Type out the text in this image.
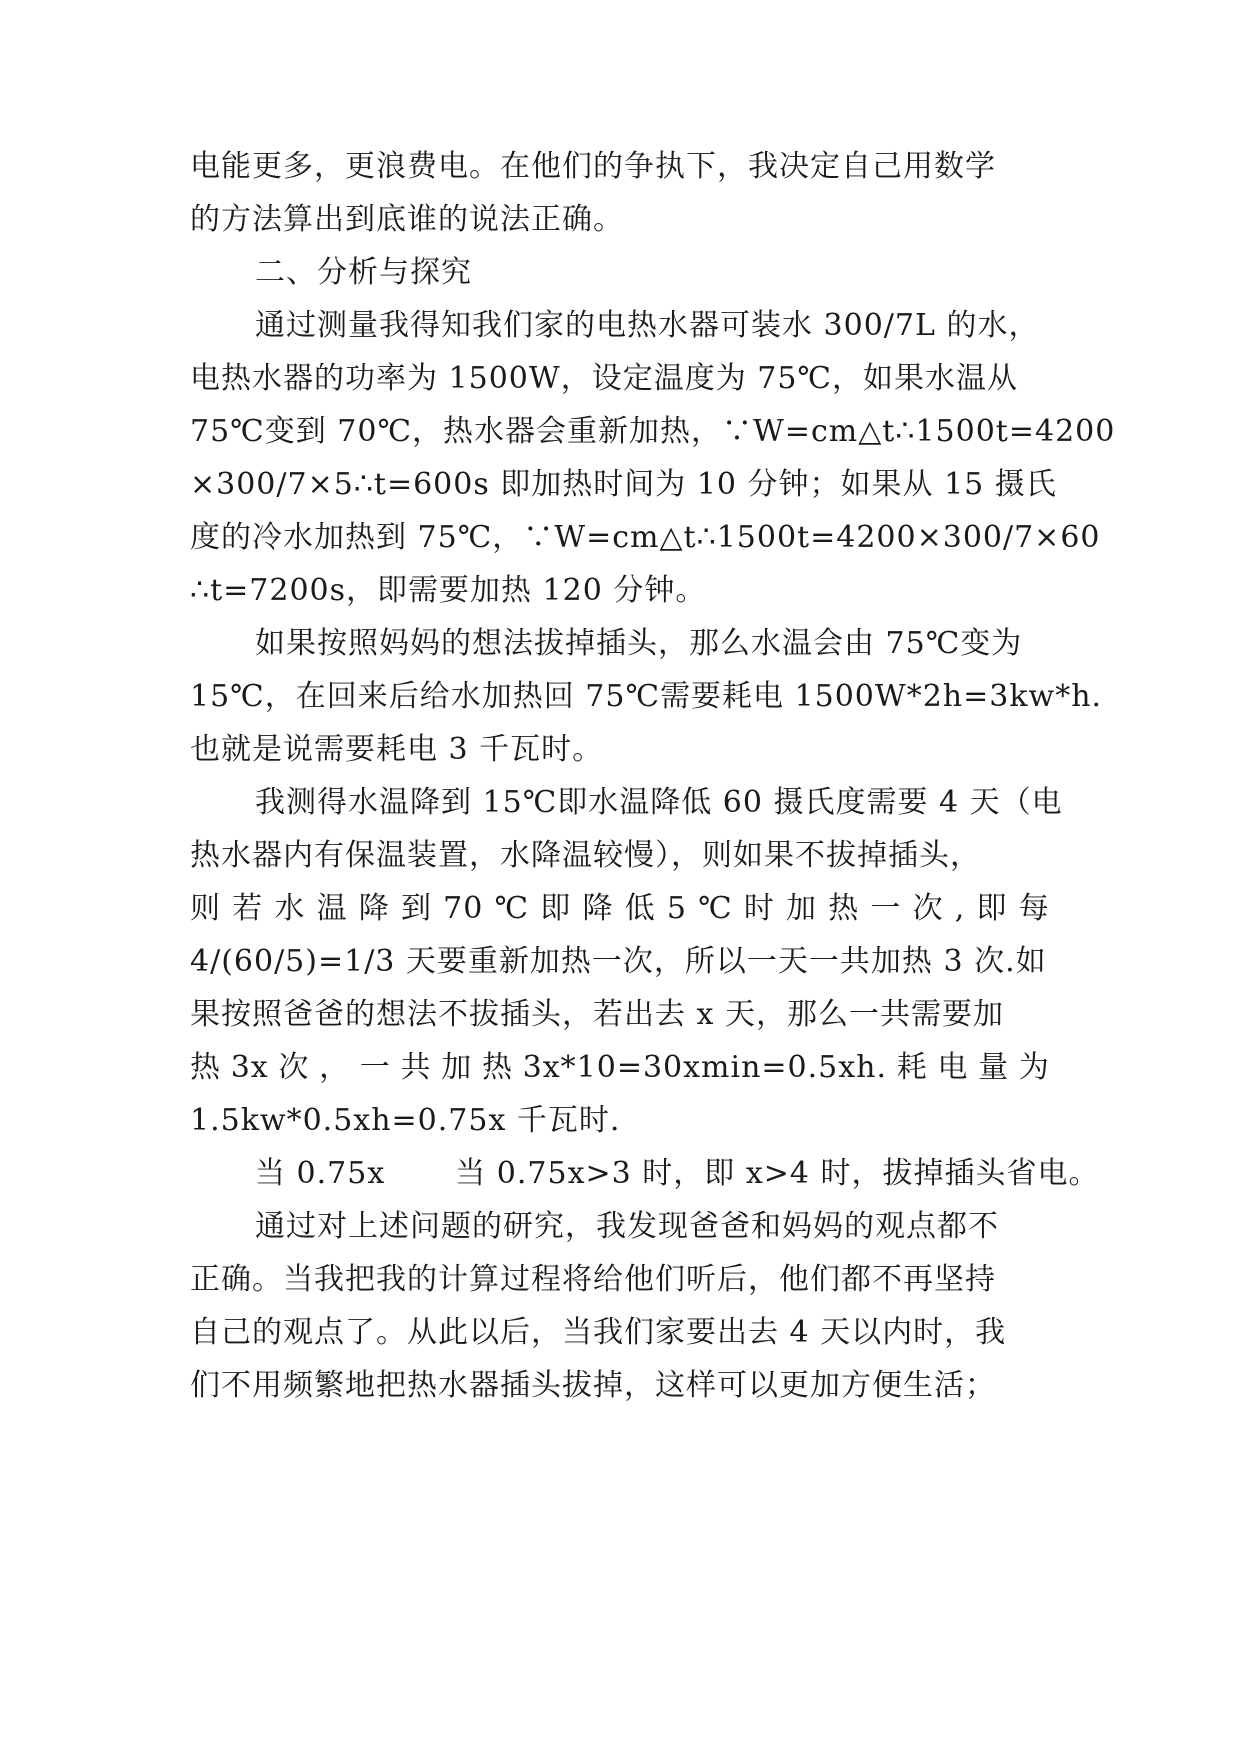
电能更多，更浪费电。在他们的争执下，我决定自己用数学
的方法算出到底谁的说法正确。
二、分析与探究
通过测量我得知我们家的电热水器可装水 300/7L 的水，
电热水器的功率为 1500W，设定温度为 75℃，如果水温从
75℃变到 70℃，热水器会重新加热，∵W=cm△t∴1500t=4200
×300/7×5∴t=600s 即加热时间为 10 分钟；如果从 15 摄氏
度的冷水加热到 75℃，∵W=cm△t∴1500t=4200×300/7×60
∴t=7200s，即需要加热 120 分钟。
如果按照妈妈的想法拔掉插头，那么水温会由 75℃变为
15℃，在回来后给水加热回 75℃需要耗电 1500W*2h=3kw*h.
也就是说需要耗电 3 千瓦时。
我测得水温降到 15℃即水温降低 60 摄氏度需要 4 天（电
热水器内有保温装置，水降温较慢），则如果不拔掉插头，
则 若 水 温 降 到 70 ℃ 即 降 低 5 ℃ 时 加 热 一 次 , 即 每
4/(60/5)=1/3 天要重新加热一次，所以一天一共加热 3 次.如
果按照爸爸的想法不拔插头，若出去 x 天，那么一共需要加
热 3x 次 ， 一 共 加 热 3x*10=30xmin=0.5xh. 耗 电 量 为
1.5kw*0.5xh=0.75x 千瓦时.
当 0.75x 当 0.75x>3 时，即 x>4 时，拔掉插头省电。
通过对上述问题的研究，我发现爸爸和妈妈的观点都不
正确。当我把我的计算过程将给他们听后，他们都不再坚持
自己的观点了。从此以后，当我们家要出去 4 天以内时，我
们不用频繁地把热水器插头拔掉，这样可以更加方便生活；
